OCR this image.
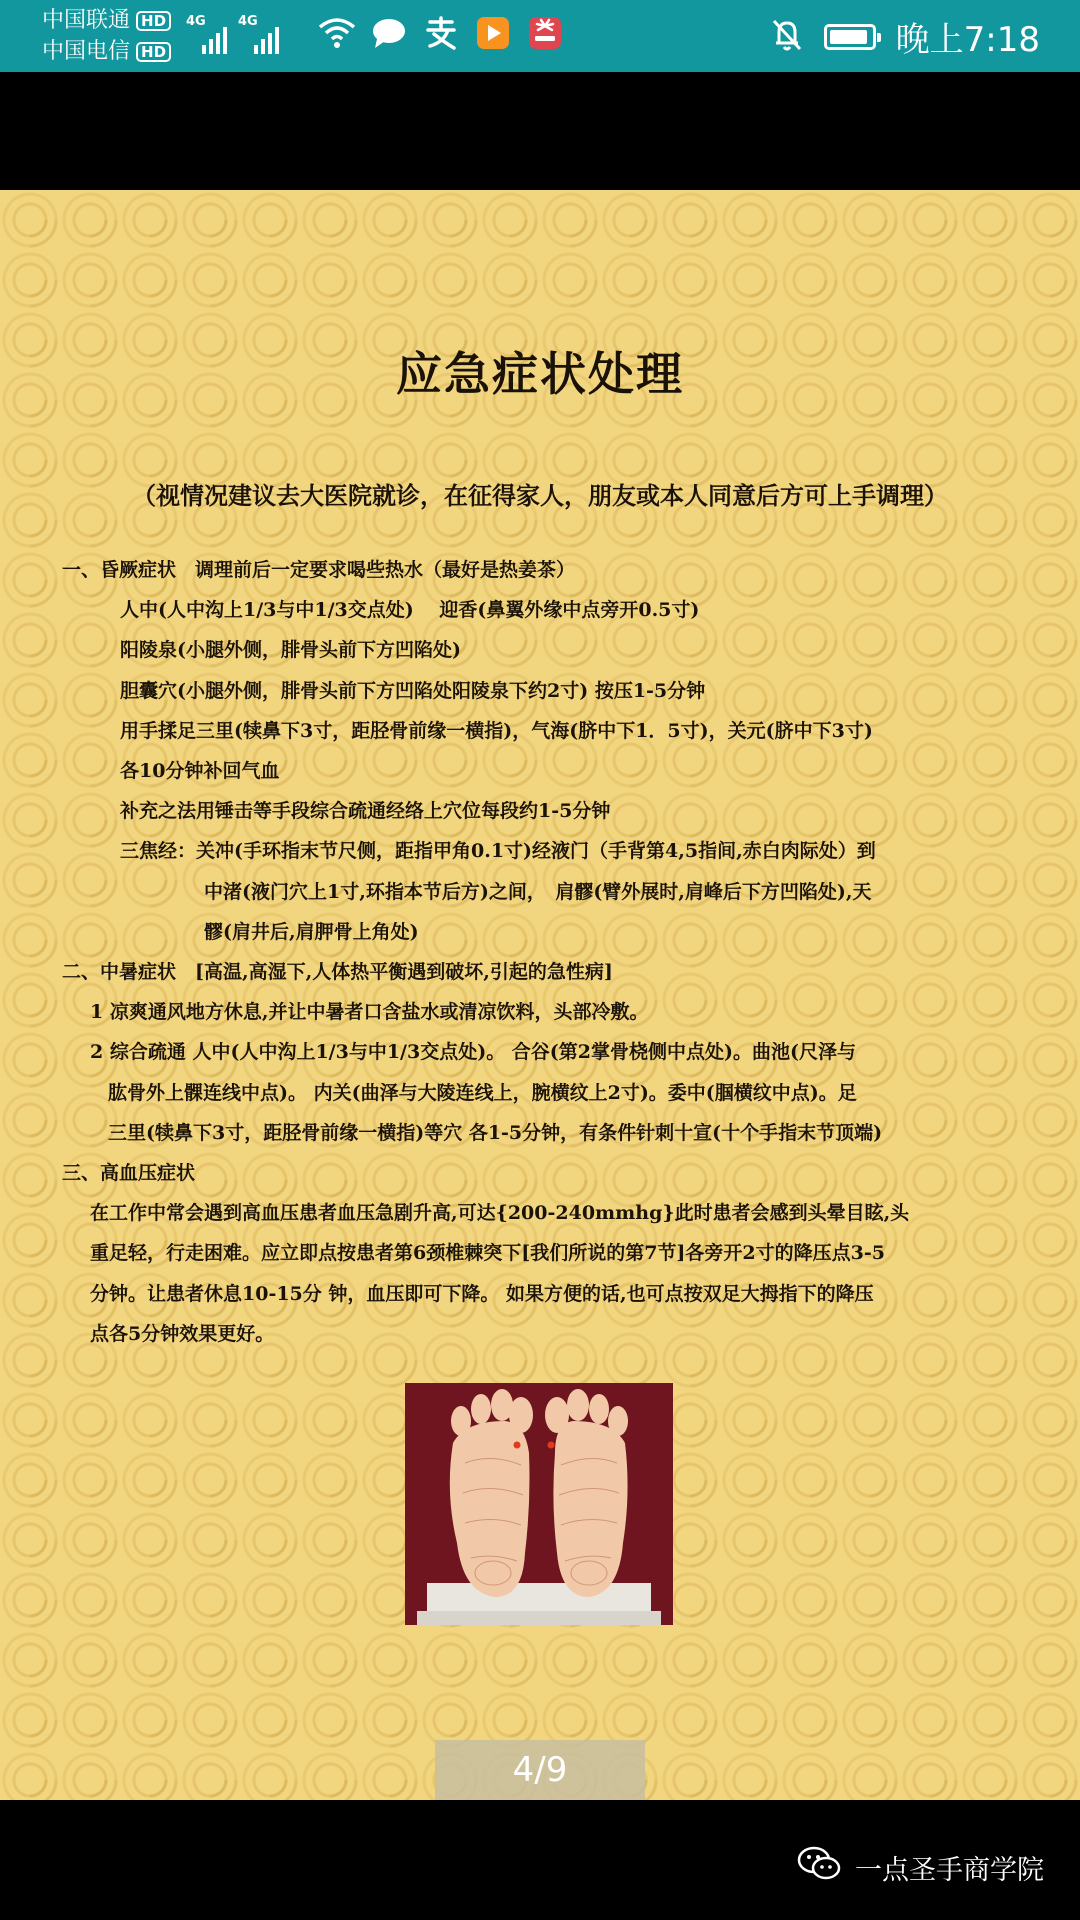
中国联通 HD
中国电信 HD
4G 4G	晚上7:18
应急症状处理
（视情况建议去大医院就诊，在征得家人，朋友或本人同意后方可上手调理）
一、昏厥症状　调理前后一定要求喝些热水（最好是热姜茶）
人中(人中沟上1/3与中1/3交点处)　 迎香(鼻翼外缘中点旁开0.5寸)
阳陵泉(小腿外侧，腓骨头前下方凹陷处)
胆囊穴(小腿外侧，腓骨头前下方凹陷处阳陵泉下约2寸) 按压1-5分钟
用手揉足三里(犊鼻下3寸，距胫骨前缘一横指)，气海(脐中下1．5寸)，关元(脐中下3寸)
各10分钟补回气血
补充之法用锤击等手段综合疏通经络上穴位每段约1-5分钟
三焦经：关冲(手环指末节尺侧，距指甲角0.1寸)经液门（手背第4,5指间,赤白肉际处）到
中渚(液门穴上1寸,环指本节后方)之间，　肩髎(臂外展时,肩峰后下方凹陷处),天
髎(肩井后,肩胛骨上角处)
二、中暑症状　[高温,高湿下,人体热平衡遇到破坏,引起的急性病]
1 凉爽通风地方休息,并让中暑者口含盐水或清凉饮料，头部冷敷。
2 综合疏通 人中(人中沟上1/3与中1/3交点处)。 合谷(第2掌骨桡侧中点处)。曲池(尺泽与
肱骨外上髁连线中点)。 内关(曲泽与大陵连线上，腕横纹上2寸)。委中(腘横纹中点)。足
三里(犊鼻下3寸，距胫骨前缘一横指)等穴 各1-5分钟，有条件针刺十宣(十个手指末节顶端)
三、高血压症状
在工作中常会遇到高血压患者血压急剧升高,可达{200-240mmhg}此时患者会感到头晕目眩,头
重足轻，行走困难。应立即点按患者第6颈椎棘突下[我们所说的第7节]各旁开2寸的降压点3-5
分钟。让患者休息10-15分 钟，血压即可下降。 如果方便的话,也可点按双足大拇指下的降压
点各5分钟效果更好。
4/9
一点圣手商学院
